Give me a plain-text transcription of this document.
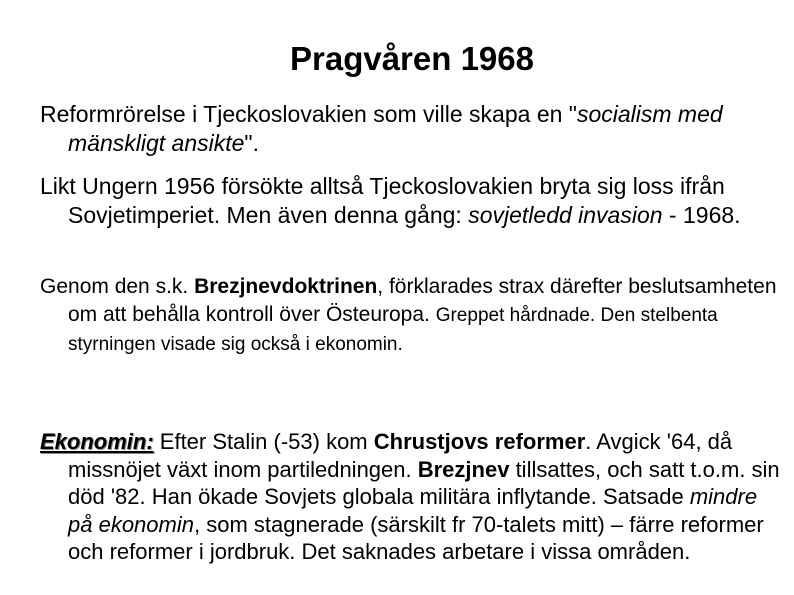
Pragvåren 1968

Reformrörelse i Tjeckoslovakien som ville skapa en "socialism med mänskligt ansikte".

Likt Ungern 1956 försökte alltså Tjeckoslovakien bryta sig loss ifrån Sovjetimperiet. Men även denna gång: sovjetledd invasion - 1968.

Genom den s.k. Brezjnevdoktrinen, förklarades strax därefter beslutsamheten om att behålla kontroll över Östeuropa. Greppet hårdnade. Den stelbenta styrningen visade sig också i ekonomin.

Ekonomin: Efter Stalin (-53) kom Chrustjovs reformer. Avgick '64, då missnöjet växt inom partiledningen. Brezjnev tillsattes, och satt t.o.m. sin död '82. Han ökade Sovjets globala militära inflytande. Satsade mindre på ekonomin, som stagnerade (särskilt fr 70-talets mitt) – färre reformer och reformer i jordbruk. Det saknades arbetare i vissa områden.
